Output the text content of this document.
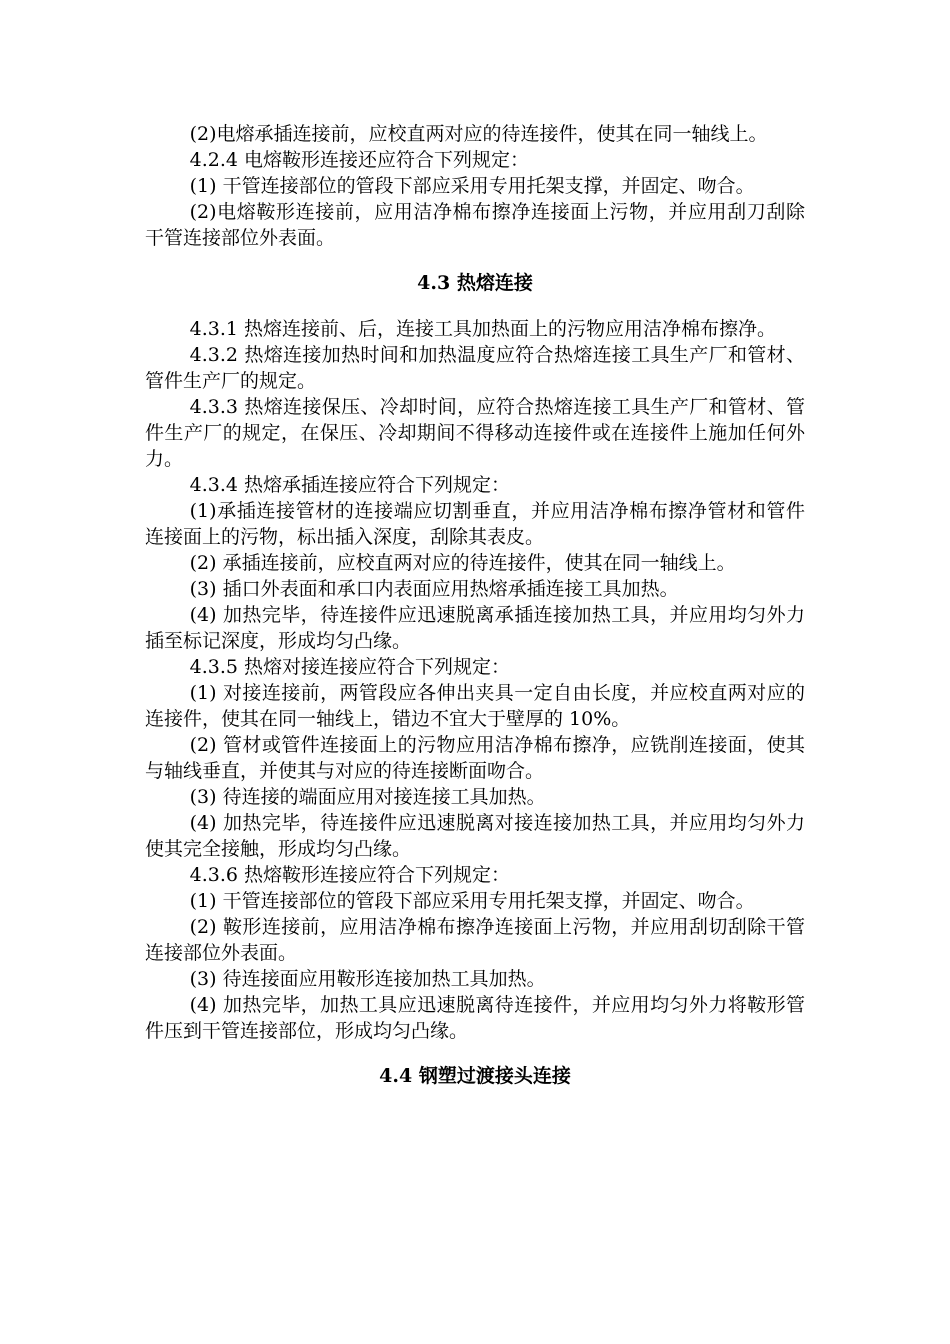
(2)电熔承插连接前，应校直两对应的待连接件，使其在同一轴线上。

4.2.4 电熔鞍形连接还应符合下列规定：

(1) 干管连接部位的管段下部应采用专用托架支撑，并固定、吻合。

(2)电熔鞍形连接前，应用洁净棉布擦净连接面上污物，并应用刮刀刮除干管连接部位外表面。

4.3 热熔连接

4.3.1 热熔连接前、后，连接工具加热面上的污物应用洁净棉布擦净。

4.3.2 热熔连接加热时间和加热温度应符合热熔连接工具生产厂和管材、管件生产厂的规定。

4.3.3 热熔连接保压、冷却时间，应符合热熔连接工具生产厂和管材、管件生产厂的规定，在保压、冷却期间不得移动连接件或在连接件上施加任何外力。

4.3.4 热熔承插连接应符合下列规定：

(1)承插连接管材的连接端应切割垂直，并应用洁净棉布擦净管材和管件连接面上的污物，标出插入深度，刮除其表皮。

(2) 承插连接前，应校直两对应的待连接件，使其在同一轴线上。

(3) 插口外表面和承口内表面应用热熔承插连接工具加热。

(4) 加热完毕，待连接件应迅速脱离承插连接加热工具，并应用均匀外力插至标记深度，形成均匀凸缘。

4.3.5 热熔对接连接应符合下列规定：

(1) 对接连接前，两管段应各伸出夹具一定自由长度，并应校直两对应的连接件，使其在同一轴线上，错边不宜大于壁厚的 10%。

(2) 管材或管件连接面上的污物应用洁净棉布擦净，应铣削连接面，使其与轴线垂直，并使其与对应的待连接断面吻合。

(3) 待连接的端面应用对接连接工具加热。

(4) 加热完毕，待连接件应迅速脱离对接连接加热工具，并应用均匀外力使其完全接触，形成均匀凸缘。

4.3.6 热熔鞍形连接应符合下列规定：

(1) 干管连接部位的管段下部应采用专用托架支撑，并固定、吻合。

(2) 鞍形连接前，应用洁净棉布擦净连接面上污物，并应用刮切刮除干管连接部位外表面。

(3) 待连接面应用鞍形连接加热工具加热。

(4) 加热完毕，加热工具应迅速脱离待连接件，并应用均匀外力将鞍形管件压到干管连接部位，形成均匀凸缘。

4.4 钢塑过渡接头连接
